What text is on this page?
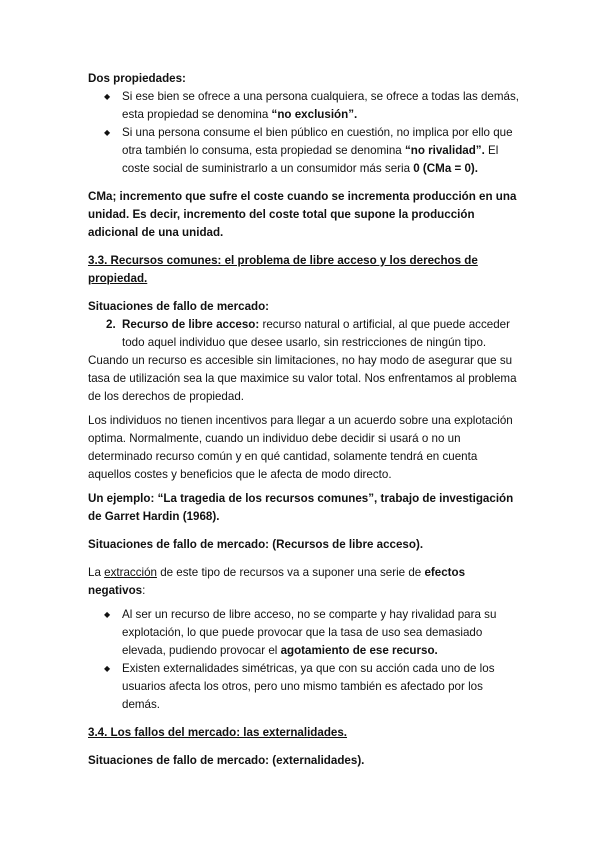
Dos propiedades:

◆ Si ese bien se ofrece a una persona cualquiera, se ofrece a todas las demás, esta propiedad se denomina “no exclusión”.
◆ Si una persona consume el bien público en cuestión, no implica por ello que otra también lo consuma, esta propiedad se denomina “no rivalidad”. El coste social de suministrarlo a un consumidor más seria 0 (CMa = 0).

CMa; incremento que sufre el coste cuando se incrementa producción en una unidad. Es decir, incremento del coste total que supone la producción adicional de una unidad.

3.3. Recursos comunes: el problema de libre acceso y los derechos de propiedad.

Situaciones de fallo de mercado:

2. Recurso de libre acceso: recurso natural o artificial, al que puede acceder todo aquel individuo que desee usarlo, sin restricciones de ningún tipo.

Cuando un recurso es accesible sin limitaciones, no hay modo de asegurar que su tasa de utilización sea la que maximice su valor total. Nos enfrentamos al problema de los derechos de propiedad.

Los individuos no tienen incentivos para llegar a un acuerdo sobre una explotación optima. Normalmente, cuando un individuo debe decidir si usará o no un determinado recurso común y en qué cantidad, solamente tendrá en cuenta aquellos costes y beneficios que le afecta de modo directo.

Un ejemplo: “La tragedia de los recursos comunes”, trabajo de investigación de Garret Hardin (1968).

Situaciones de fallo de mercado: (Recursos de libre acceso).

La extracción de este tipo de recursos va a suponer una serie de efectos negativos:

◆ Al ser un recurso de libre acceso, no se comparte y hay rivalidad para su explotación, lo que puede provocar que la tasa de uso sea demasiado elevada, pudiendo provocar el agotamiento de ese recurso.
◆ Existen externalidades simétricas, ya que con su acción cada uno de los usuarios afecta los otros, pero uno mismo también es afectado por los demás.

3.4. Los fallos del mercado: las externalidades.

Situaciones de fallo de mercado: (externalidades).
